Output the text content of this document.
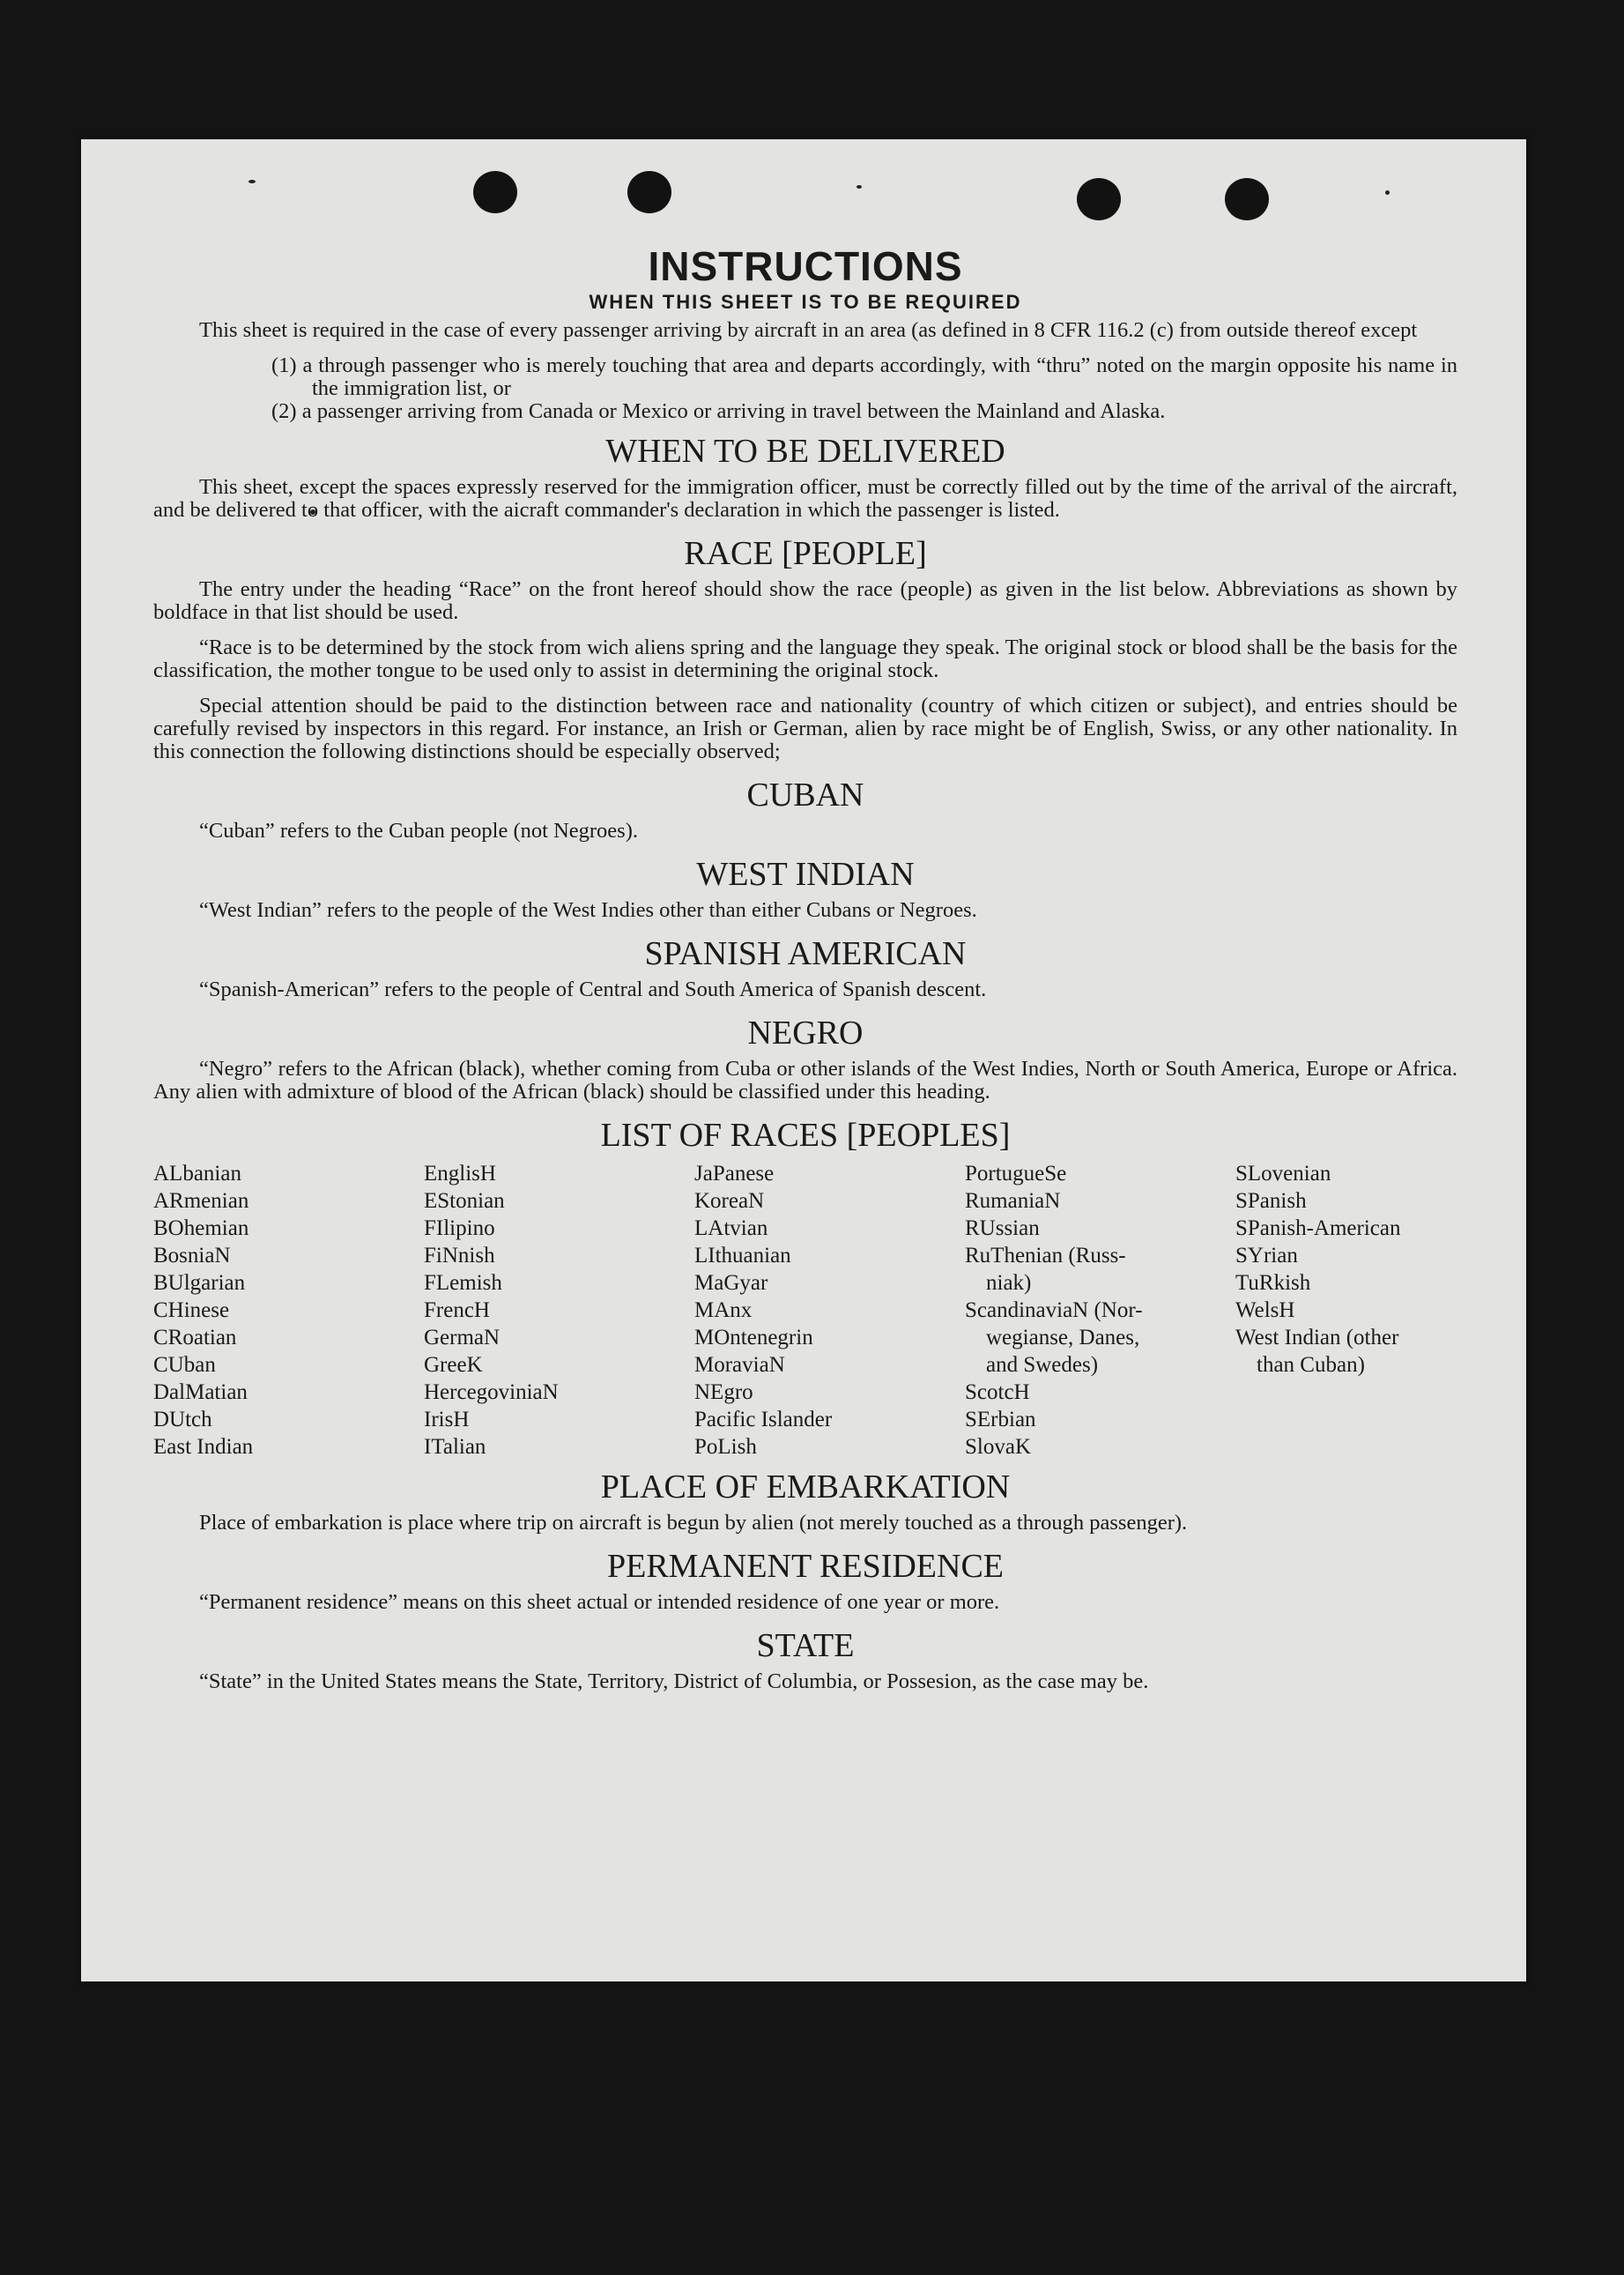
INSTRUCTIONS
WHEN THIS SHEET IS TO BE REQUIRED

This sheet is required in the case of every passenger arriving by aircraft in an area (as defined in 8 CFR 116.2 (c) from outside thereof except

(1) a through passenger who is merely touching that area and departs accordingly, with “thru” noted on the margin opposite his name in the immigration list, or

(2) a passenger arriving from Canada or Mexico or arriving in travel between the Mainland and Alaska.

WHEN TO BE DELIVERED

This sheet, except the spaces expressly reserved for the immigration officer, must be correctly filled out by the time of the arrival of the aircraft, and be delivered to that officer, with the aicraft commander's declaration in which the passenger is listed.

RACE [PEOPLE]

The entry under the heading “Race” on the front hereof should show the race (people) as given in the list below. Abbreviations as shown by boldface in that list should be used.

“Race is to be determined by the stock from wich aliens spring and the language they speak. The original stock or blood shall be the basis for the classification, the mother tongue to be used only to assist in determining the original stock.

Special attention should be paid to the distinction between race and nationality (country of which citizen or subject), and entries should be carefully revised by inspectors in this regard. For instance, an Irish or German, alien by race might be of English, Swiss, or any other nationality. In this connection the following distinctions should be especially observed;

CUBAN

“Cuban” refers to the Cuban people (not Negroes).

WEST INDIAN

“West Indian” refers to the people of the West Indies other than either Cubans or Negroes.

SPANISH AMERICAN

“Spanish-American” refers to the people of Central and South America of Spanish descent.

NEGRO

“Negro” refers to the African (black), whether coming from Cuba or other islands of the West Indies, North or South America, Europe or Africa. Any alien with admixture of blood of the African (black) should be classified under this heading.

LIST OF RACES [PEOPLES]
ALbanian
ARmenian
BOhemian
BosniaN
BUlgarian
CHinese
CRoatian
CUban
DalMatian
DUtch
East Indian
EnglisH
EStonian
FIlipino
FiNnish
FLemish
FrencH
GermaN
GreeK
HercegoviniaN
IrisH
ITalian
JaPanese
KoreaN
LAtvian
LIthuanian
MaGyar
MAnx
MOntenegrin
MoraviaN
NEgro
Pacific Islander
PoLish
PortugueSe
RumaniaN
RUssian
RuThenian (Russ-
niak)
ScandinaviaN (Nor-
wegianse, Danes,
and Swedes)
ScotcH
SErbian
SlovaK
SLovenian
SPanish
SPanish-American
SYrian
TuRkish
WelsH
West Indian (other
than Cuban)
PLACE OF EMBARKATION

Place of embarkation is place where trip on aircraft is begun by alien (not merely touched as a through passenger).

PERMANENT RESIDENCE

“Permanent residence” means on this sheet actual or intended residence of one year or more.

STATE

“State” in the United States means the State, Territory, District of Columbia, or Possesion, as the case may be.
